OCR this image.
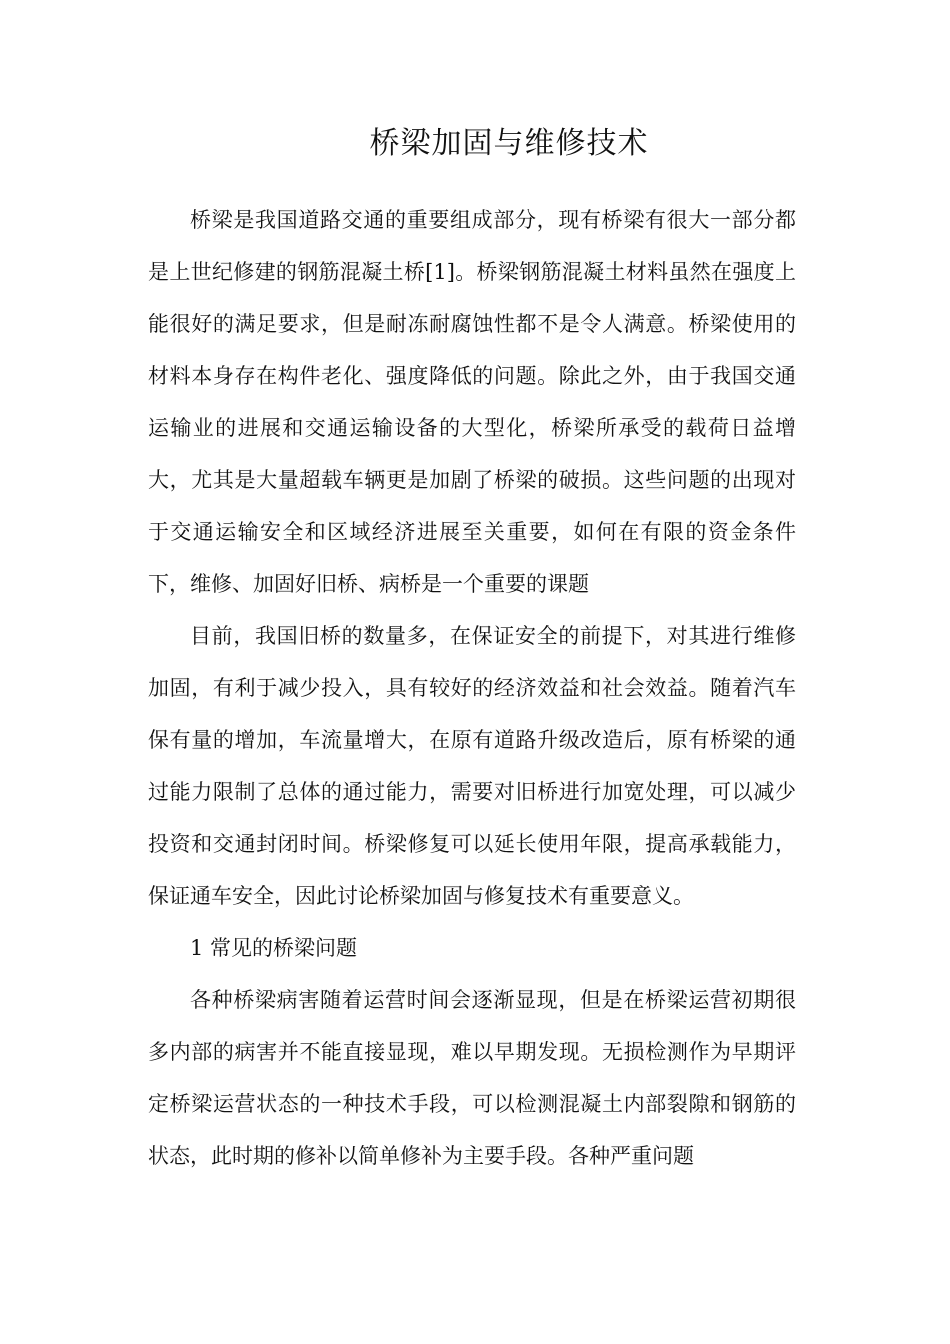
桥梁加固与维修技术

桥梁是我国道路交通的重要组成部分，现有桥梁有很大一部分都是上世纪修建的钢筋混凝土桥[1]。桥梁钢筋混凝土材料虽然在强度上能很好的满足要求，但是耐冻耐腐蚀性都不是令人满意。桥梁使用的材料本身存在构件老化、强度降低的问题。除此之外，由于我国交通运输业的进展和交通运输设备的大型化，桥梁所承受的载荷日益增大，尤其是大量超载车辆更是加剧了桥梁的破损。这些问题的出现对于交通运输安全和区域经济进展至关重要，如何在有限的资金条件下，维修、加固好旧桥、病桥是一个重要的课题

目前，我国旧桥的数量多，在保证安全的前提下，对其进行维修加固，有利于减少投入，具有较好的经济效益和社会效益。随着汽车保有量的增加，车流量增大，在原有道路升级改造后，原有桥梁的通过能力限制了总体的通过能力，需要对旧桥进行加宽处理，可以减少投资和交通封闭时间。桥梁修复可以延长使用年限，提高承载能力，保证通车安全，因此讨论桥梁加固与修复技术有重要意义。

1 常见的桥梁问题

各种桥梁病害随着运营时间会逐渐显现，但是在桥梁运营初期很多内部的病害并不能直接显现，难以早期发现。无损检测作为早期评定桥梁运营状态的一种技术手段，可以检测混凝土内部裂隙和钢筋的状态，此时期的修补以简单修补为主要手段。各种严重问题
